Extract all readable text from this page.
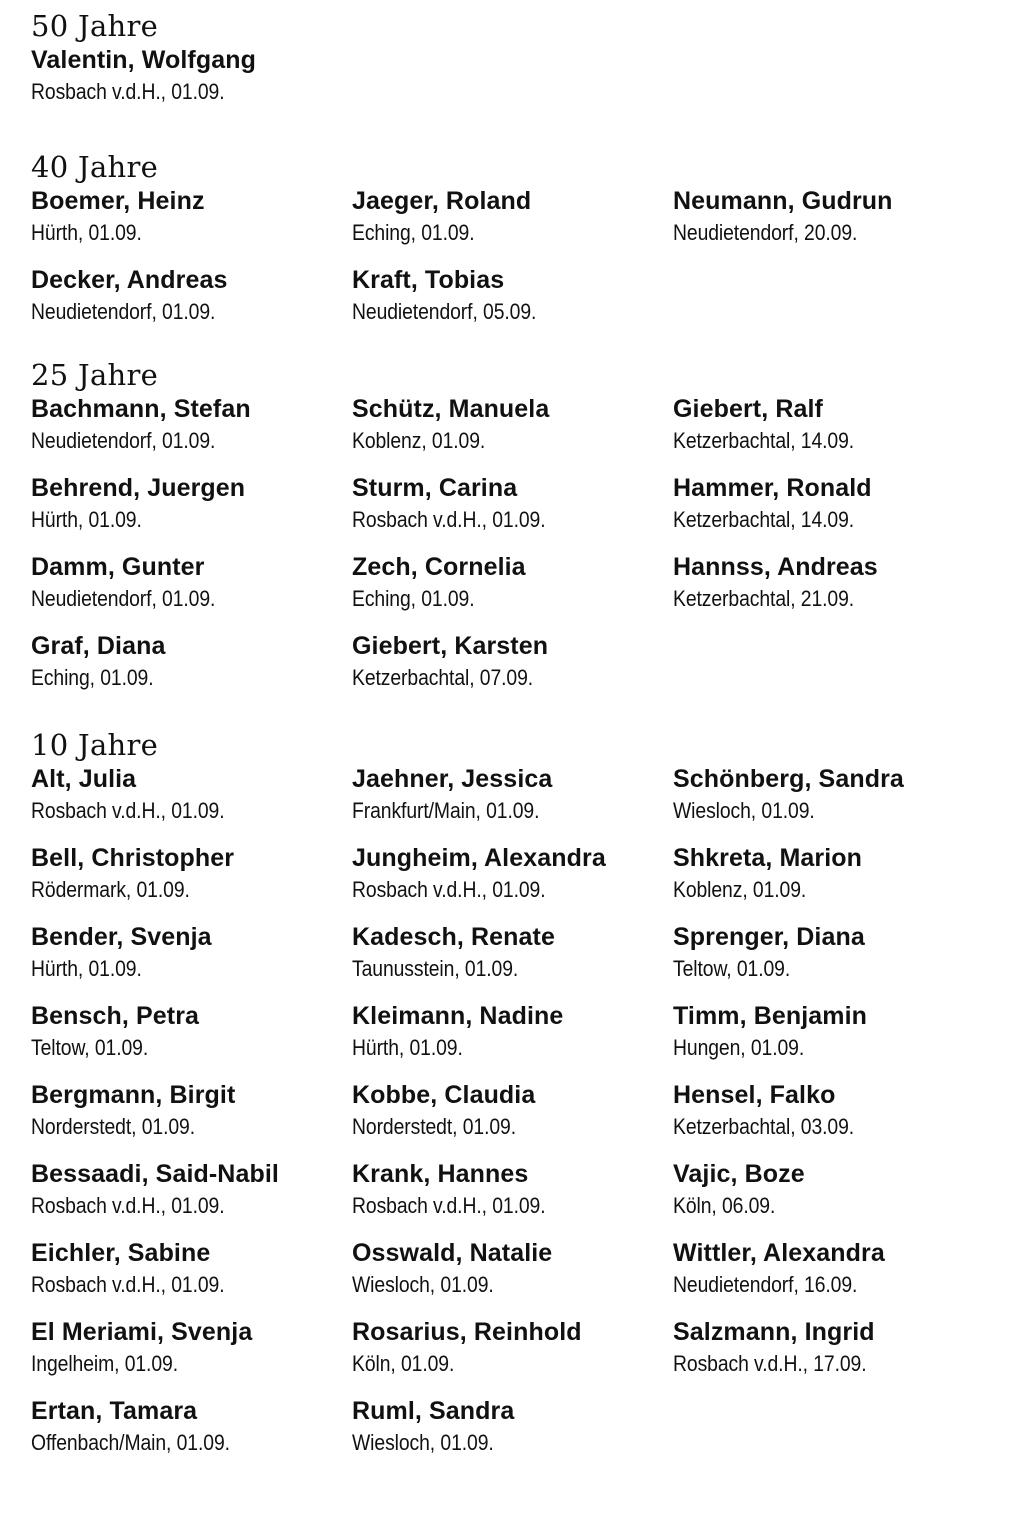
50 Jahre
Valentin, Wolfgang
Rosbach v.d.H., 01.09.
40 Jahre
Boemer, Heinz
Hürth, 01.09.
Jaeger, Roland
Eching, 01.09.
Neumann, Gudrun
Neudietendorf, 20.09.
Decker, Andreas
Neudietendorf, 01.09.
Kraft, Tobias
Neudietendorf, 05.09.
25 Jahre
Bachmann, Stefan
Neudietendorf, 01.09.
Schütz, Manuela
Koblenz, 01.09.
Giebert, Ralf
Ketzerbachtal, 14.09.
Behrend, Juergen
Hürth, 01.09.
Sturm, Carina
Rosbach v.d.H., 01.09.
Hammer, Ronald
Ketzerbachtal, 14.09.
Damm, Gunter
Neudietendorf, 01.09.
Zech, Cornelia
Eching, 01.09.
Hannss, Andreas
Ketzerbachtal, 21.09.
Graf, Diana
Eching, 01.09.
Giebert, Karsten
Ketzerbachtal, 07.09.
10 Jahre
Alt, Julia
Rosbach v.d.H., 01.09.
Jaehner, Jessica
Frankfurt/Main, 01.09.
Schönberg, Sandra
Wiesloch, 01.09.
Bell, Christopher
Rödermark, 01.09.
Jungheim, Alexandra
Rosbach v.d.H., 01.09.
Shkreta, Marion
Koblenz, 01.09.
Bender, Svenja
Hürth, 01.09.
Kadesch, Renate
Taunusstein, 01.09.
Sprenger, Diana
Teltow, 01.09.
Bensch, Petra
Teltow, 01.09.
Kleimann, Nadine
Hürth, 01.09.
Timm, Benjamin
Hungen, 01.09.
Bergmann, Birgit
Norderstedt, 01.09.
Kobbe, Claudia
Norderstedt, 01.09.
Hensel, Falko
Ketzerbachtal, 03.09.
Bessaadi, Said-Nabil
Rosbach v.d.H., 01.09.
Krank, Hannes
Rosbach v.d.H., 01.09.
Vajic, Boze
Köln, 06.09.
Eichler, Sabine
Rosbach v.d.H., 01.09.
Osswald, Natalie
Wiesloch, 01.09.
Wittler, Alexandra
Neudietendorf, 16.09.
El Meriami, Svenja
Ingelheim, 01.09.
Rosarius, Reinhold
Köln, 01.09.
Salzmann, Ingrid
Rosbach v.d.H., 17.09.
Ertan, Tamara
Offenbach/Main, 01.09.
Ruml, Sandra
Wiesloch, 01.09.
